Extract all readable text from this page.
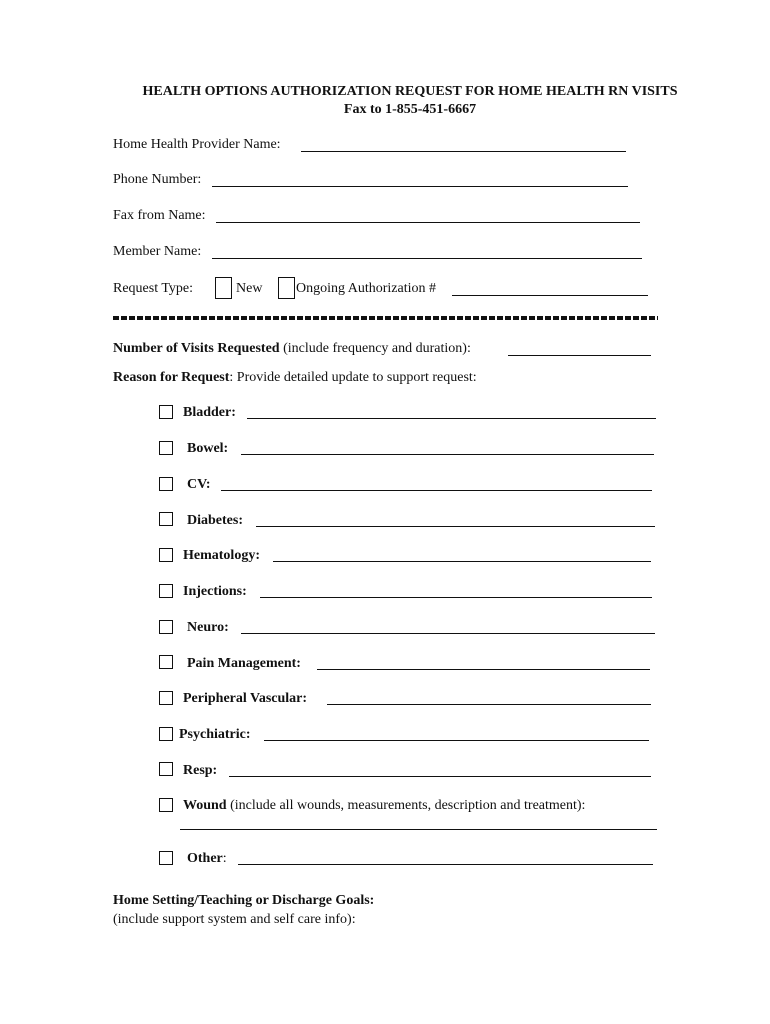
HEALTH OPTIONS AUTHORIZATION REQUEST FOR HOME HEALTH RN VISITS
Fax to 1-855-451-6667
Home Health Provider Name:
Phone Number:
Fax from Name:
Member Name:
Request Type:	New Ongoing Authorization #
Number of Visits Requested (include frequency and duration):
Reason for Request: Provide detailed update to support request:
Bladder:
Bowel:
CV:
Diabetes:
Hematology:
Injections:
Neuro:
Pain Management:
Peripheral Vascular:
Psychiatric:
Resp:
Wound (include all wounds, measurements, description and treatment):
Other:
Home Setting/Teaching or Discharge Goals:
(include support system and self care info):
